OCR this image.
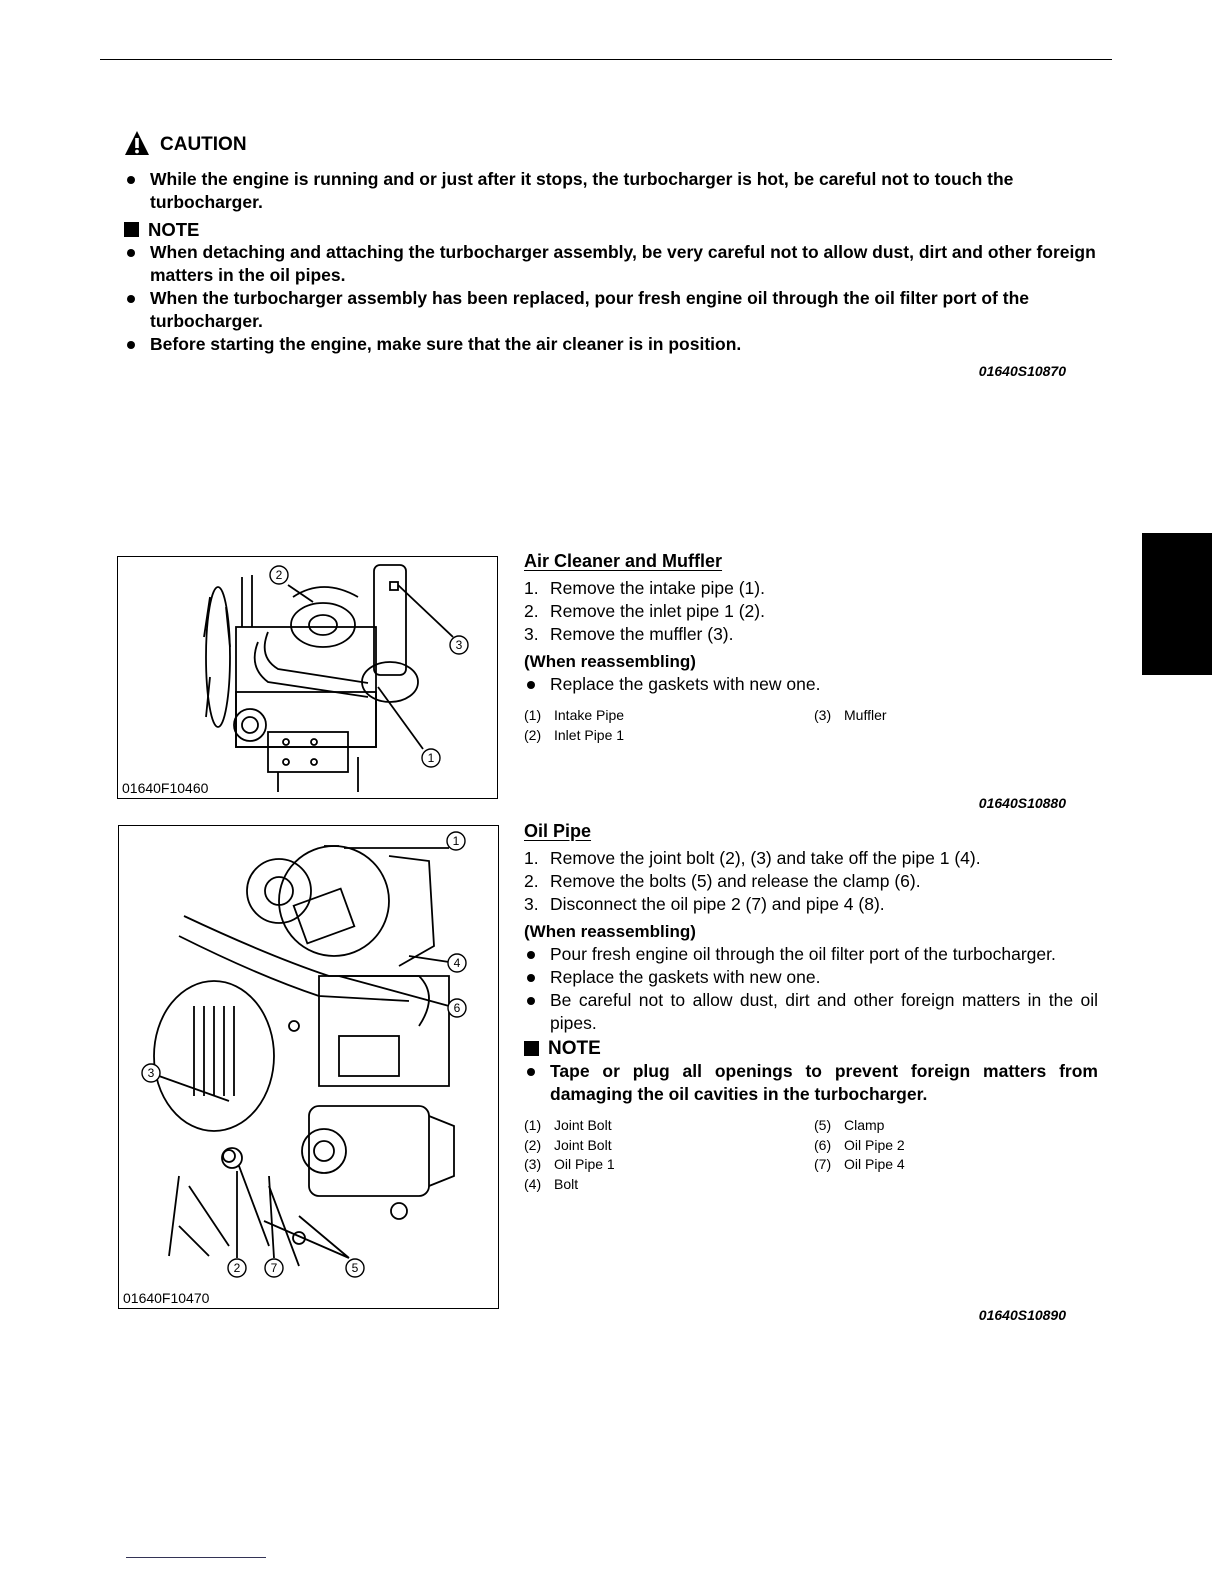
CAUTION
While the engine is running and or just after it stops, the turbocharger is hot, be careful not to touch the turbocharger.
NOTE
When detaching and attaching the turbocharger assembly, be very careful not to allow dust, dirt and other foreign matters in the oil pipes.
When the turbocharger assembly has been replaced, pour fresh engine oil through the oil filter port of the turbocharger.
Before starting the engine, make sure that the air cleaner is in position.
01640S10870
2
3
1
01640F10460
Air Cleaner and Muffler
1. Remove the intake pipe (1).
2. Remove the inlet pipe 1 (2).
3. Remove the muffler (3).
(When reassembling)
Replace the gaskets with new one.
(1) Intake Pipe	(3) Muffler
(2) Inlet Pipe 1
01640S10880
1
4
6
3
2	7	5
01640F10470
Oil Pipe
1. Remove the joint bolt (2), (3) and take off the pipe 1 (4).
2. Remove the bolts (5) and release the clamp (6).
3. Disconnect the oil pipe 2 (7) and pipe 4 (8).
(When reassembling)
Pour fresh engine oil through the oil filter port of the turbocharger.
Replace the gaskets with new one.
Be careful not to allow dust, dirt and other foreign matters in the oil pipes.
NOTE
Tape or plug all openings to prevent foreign matters from damaging the oil cavities in the turbocharger.
(1) Joint Bolt	(5) Clamp
(2) Joint Bolt	(6) Oil Pipe 2
(3) Oil Pipe 1	(7) Oil Pipe 4
(4) Bolt
01640S10890
